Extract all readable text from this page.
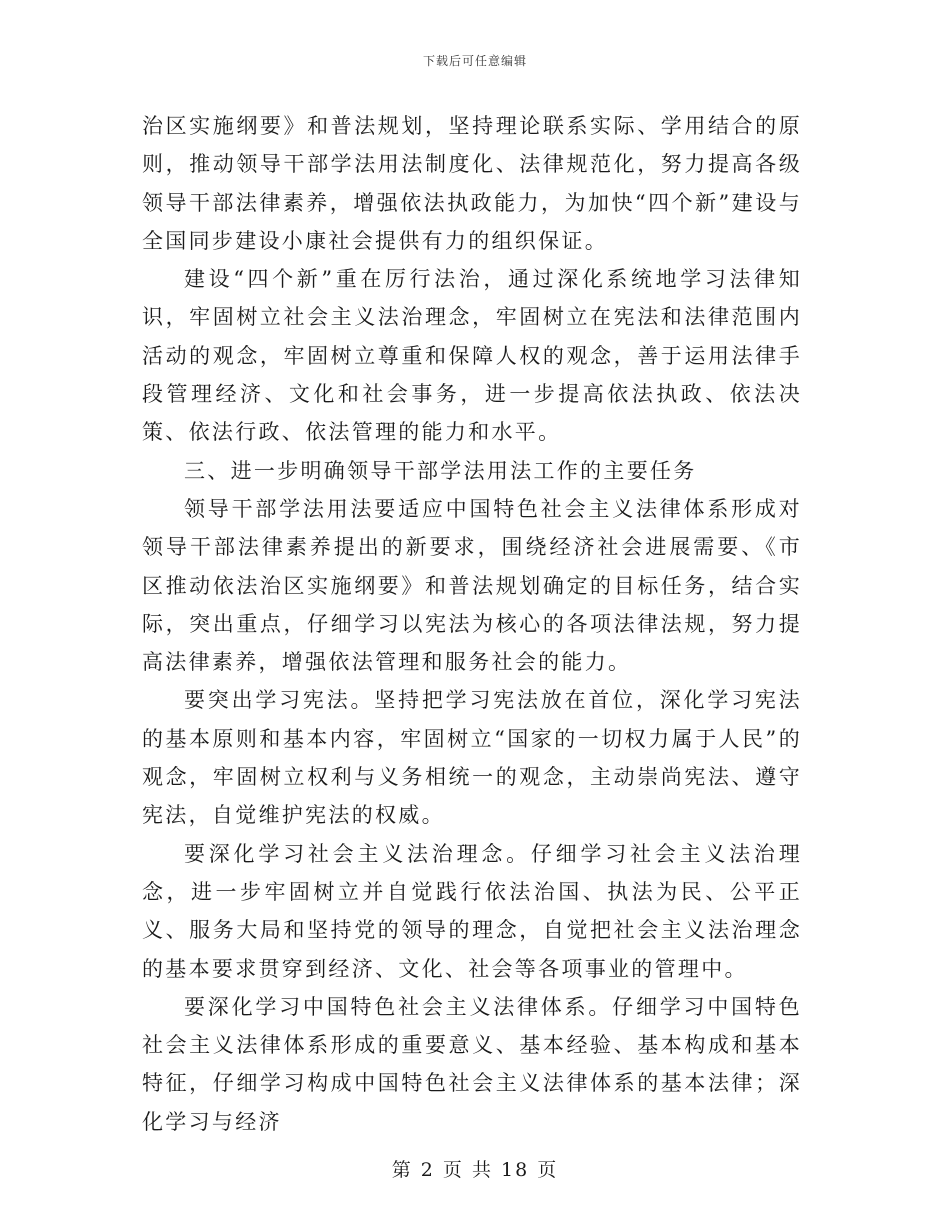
下载后可任意编辑

治区实施纲要》和普法规划，坚持理论联系实际、学用结合的原则，推动领导干部学法用法制度化、法律规范化，努力提高各级领导干部法律素养，增强依法执政能力，为加快“四个新”建设与全国同步建设小康社会提供有力的组织保证。

建设“四个新”重在厉行法治，通过深化系统地学习法律知识，牢固树立社会主义法治理念，牢固树立在宪法和法律范围内活动的观念，牢固树立尊重和保障人权的观念，善于运用法律手段管理经济、文化和社会事务，进一步提高依法执政、依法决策、依法行政、依法管理的能力和水平。

三、进一步明确领导干部学法用法工作的主要任务

领导干部学法用法要适应中国特色社会主义法律体系形成对领导干部法律素养提出的新要求，围绕经济社会进展需要、《市区推动依法治区实施纲要》和普法规划确定的目标任务，结合实际，突出重点，仔细学习以宪法为核心的各项法律法规，努力提高法律素养，增强依法管理和服务社会的能力。

要突出学习宪法。坚持把学习宪法放在首位，深化学习宪法的基本原则和基本内容，牢固树立“国家的一切权力属于人民”的观念，牢固树立权利与义务相统一的观念，主动崇尚宪法、遵守宪法，自觉维护宪法的权威。

要深化学习社会主义法治理念。仔细学习社会主义法治理念，进一步牢固树立并自觉践行依法治国、执法为民、公平正义、服务大局和坚持党的领导的理念，自觉把社会主义法治理念的基本要求贯穿到经济、文化、社会等各项事业的管理中。

要深化学习中国特色社会主义法律体系。仔细学习中国特色社会主义法律体系形成的重要意义、基本经验、基本构成和基本特征，仔细学习构成中国特色社会主义法律体系的基本法律；深化学习与经济

第 2 页 共 18 页
